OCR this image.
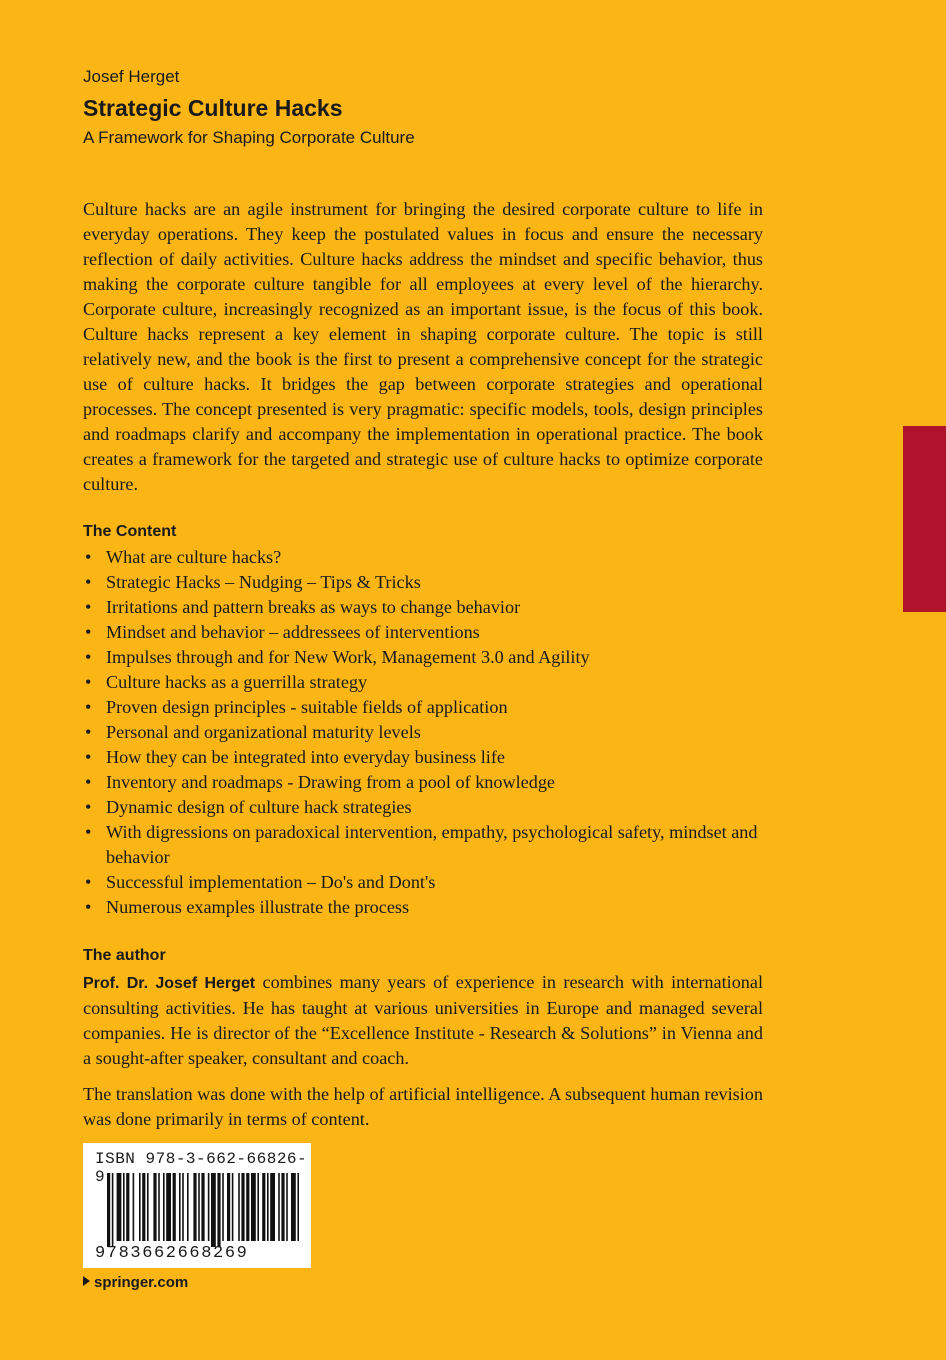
Josef Herget
Strategic Culture Hacks
A Framework for Shaping Corporate Culture

Culture hacks are an agile instrument for bringing the desired corporate culture to life in everyday operations. They keep the postulated values in focus and ensure the necessary reflection of daily activities. Culture hacks address the mindset and specific behavior, thus making the corporate culture tangible for all employees at every level of the hierarchy. Corporate culture, increasingly recognized as an important issue, is the focus of this book. Culture hacks represent a key element in shaping corporate culture. The topic is still relatively new, and the book is the first to present a comprehensive concept for the strategic use of culture hacks. It bridges the gap between corporate strategies and operational processes. The concept presented is very pragmatic: specific models, tools, design principles and roadmaps clarify and accompany the implementation in operational practice. The book creates a framework for the targeted and strategic use of culture hacks to optimize corporate culture.

The Content
• What are culture hacks?
• Strategic Hacks – Nudging – Tips & Tricks
• Irritations and pattern breaks as ways to change behavior
• Mindset and behavior – addressees of interventions
• Impulses through and for New Work, Management 3.0 and Agility
• Culture hacks as a guerrilla strategy
• Proven design principles - suitable fields of application
• Personal and organizational maturity levels
• How they can be integrated into everyday business life
• Inventory and roadmaps - Drawing from a pool of knowledge
• Dynamic design of culture hack strategies
• With digressions on paradoxical intervention, empathy, psychological safety, mindset and behavior
• Successful implementation – Do's and Dont's
• Numerous examples illustrate the process
The author

Prof. Dr. Josef Herget combines many years of experience in research with international consulting activities. He has taught at various universities in Europe and managed several companies. He is director of the “Excellence Institute - Research & Solutions” in Vienna and a sought-after speaker, consultant and coach.

The translation was done with the help of artificial intelligence. A subsequent human revision was done primarily in terms of content.

ISBN 978-3-662-66826-9
9783662668269
springer.com
